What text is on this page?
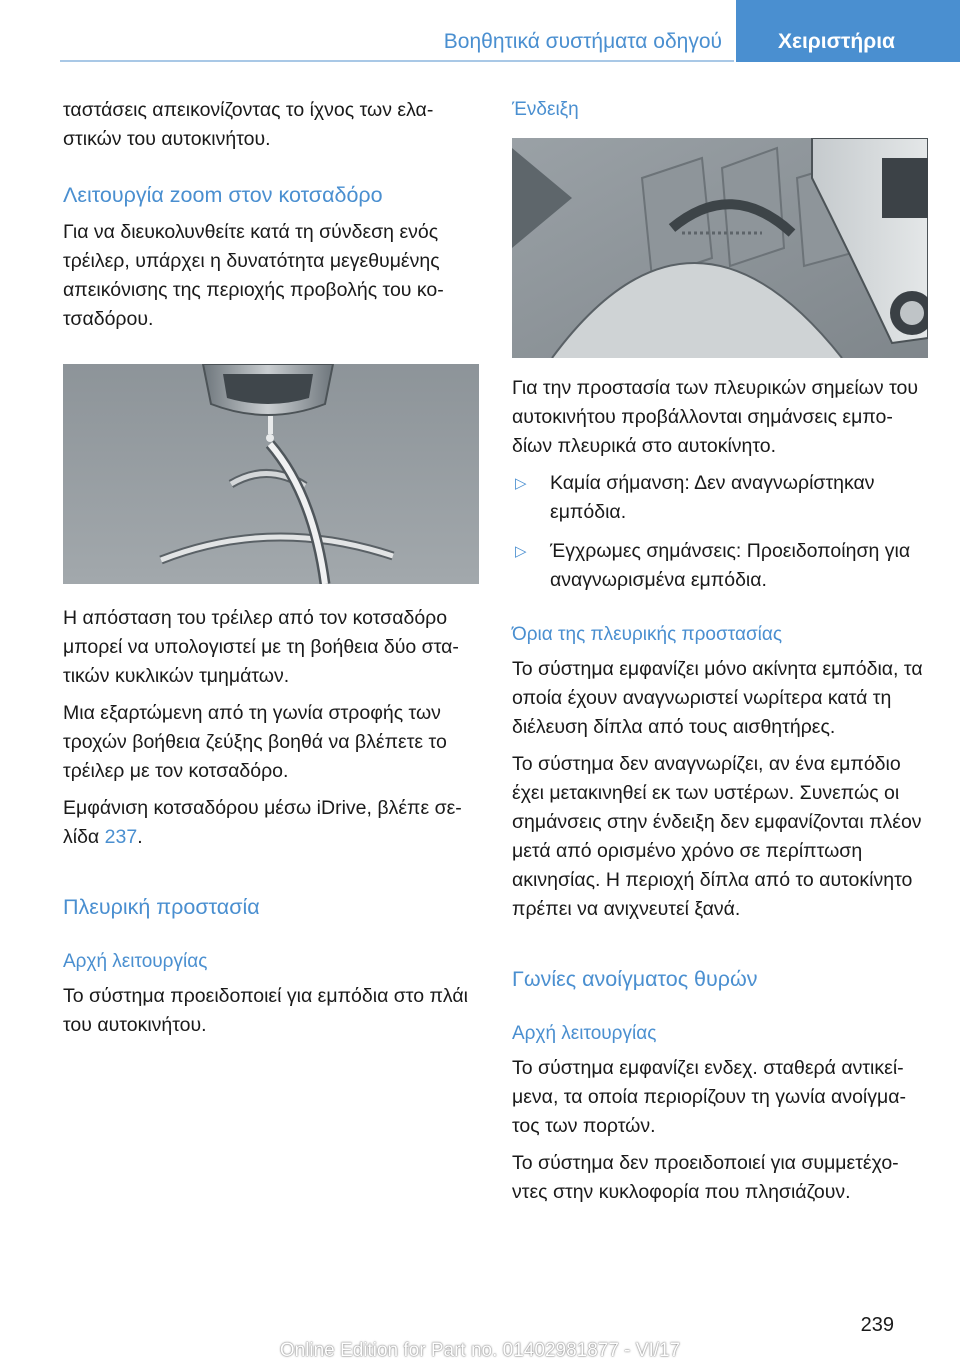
Βοηθητικά συστήματα οδηγού	Χειριστήρια

ταστάσεις απεικονίζοντας το ίχνος των ελα-στικών του αυτοκινήτου.

Λειτουργία zoom στον κοτσαδόρο

Για να διευκολυνθείτε κατά τη σύνδεση ενός τρέιλερ, υπάρχει η δυνατότητα μεγεθυμένης απεικόνισης της περιοχής προβολής του κο-τσαδόρου.

Η απόσταση του τρέιλερ από τον κοτσαδόρο μπορεί να υπολογιστεί με τη βοήθεια δύο στα-τικών κυκλικών τμημάτων.

Μια εξαρτώμενη από τη γωνία στροφής των τροχών βοήθεια ζεύξης βοηθά να βλέπετε το τρέιλερ με τον κοτσαδόρο.

Εμφάνιση κοτσαδόρου μέσω iDrive, βλέπε σε-λίδα 237.

Πλευρική προστασία
Αρχή λειτουργίας

Το σύστημα προειδοποιεί για εμπόδια στο πλάι του αυτοκινήτου.

Ένδειξη

Για την προστασία των πλευρικών σημείων του αυτοκινήτου προβάλλονται σημάνσεις εμπο-δίων πλευρικά στο αυτοκίνητο.

▷ Καμία σήμανση: Δεν αναγνωρίστηκαν εμπόδια.
▷ Έγχρωμες σημάνσεις: Προειδοποίηση για αναγνωρισμένα εμπόδια.
Όρια της πλευρικής προστασίας

Το σύστημα εμφανίζει μόνο ακίνητα εμπόδια, τα οποία έχουν αναγνωριστεί νωρίτερα κατά τη διέλευση δίπλα από τους αισθητήρες.

Το σύστημα δεν αναγνωρίζει, αν ένα εμπόδιο έχει μετακινηθεί εκ των υστέρων. Συνεπώς οι σημάνσεις στην ένδειξη δεν εμφανίζονται πλέον μετά από ορισμένο χρόνο σε περίπτωση ακινησίας. Η περιοχή δίπλα από το αυτοκίνητο πρέπει να ανιχνευτεί ξανά.

Γωνίες ανοίγματος θυρών
Αρχή λειτουργίας

Το σύστημα εμφανίζει ενδεχ. σταθερά αντικεί-μενα, τα οποία περιορίζουν τη γωνία ανοίγμα-τος των πορτών.

Το σύστημα δεν προειδοποιεί για συμμετέχο-ντες στην κυκλοφορία που πλησιάζουν.

239
Online Edition for Part no. 01402981877 - VI/17
